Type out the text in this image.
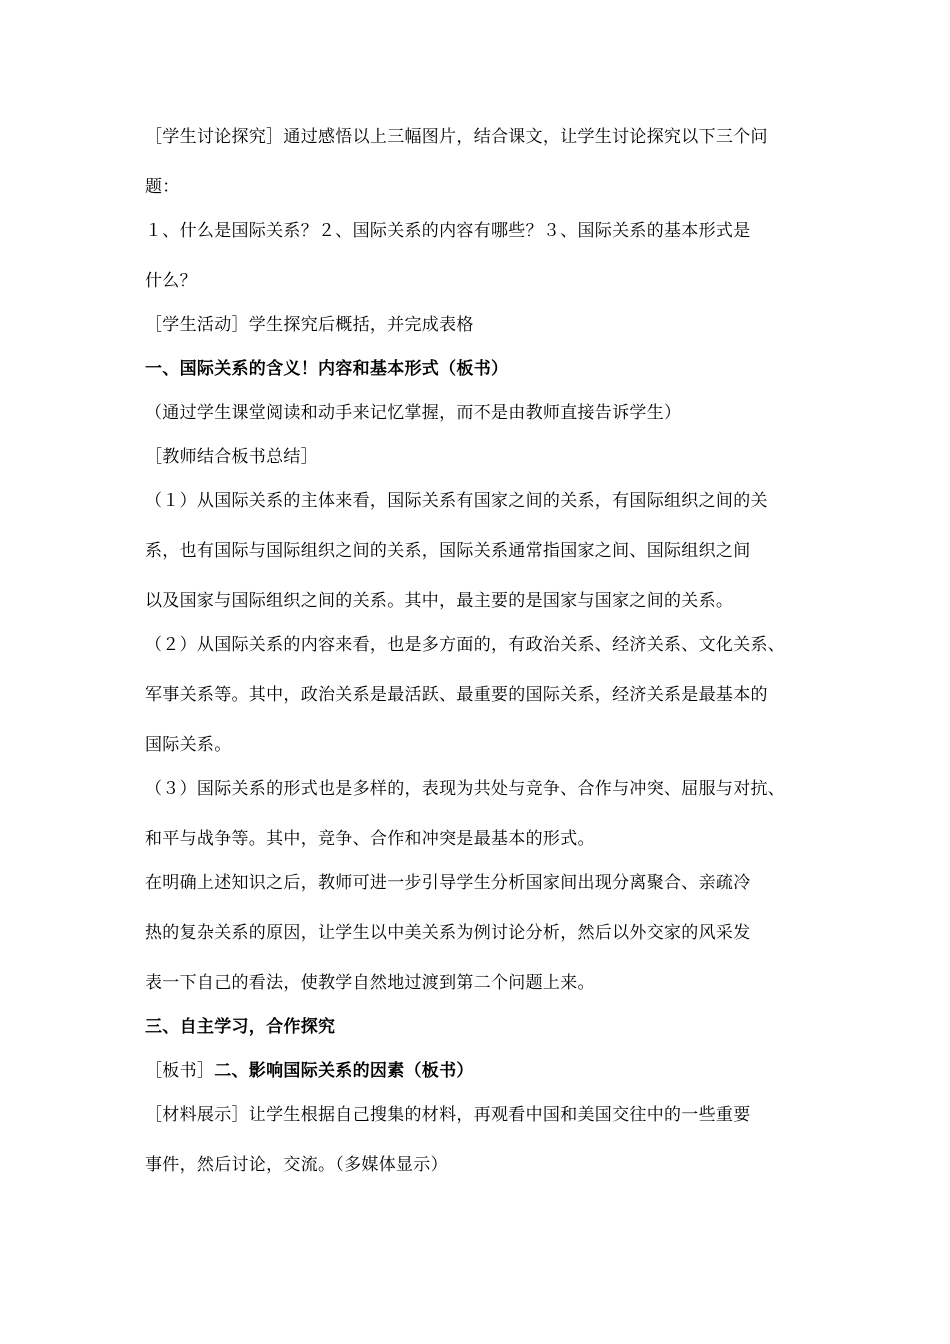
［学生讨论探究］通过感悟以上三幅图片，结合课文，让学生讨论探究以下三个问
题：
１、什么是国际关系？２、国际关系的内容有哪些？３、国际关系的基本形式是
什么？
［学生活动］学生探究后概括，并完成表格
一、国际关系的含义！内容和基本形式（板书）
（通过学生课堂阅读和动手来记忆掌握，而不是由教师直接告诉学生）
［教师结合板书总结］
（１）从国际关系的主体来看，国际关系有国家之间的关系，有国际组织之间的关
系，也有国际与国际组织之间的关系，国际关系通常指国家之间、国际组织之间
以及国家与国际组织之间的关系。其中，最主要的是国家与国家之间的关系。
（２）从国际关系的内容来看，也是多方面的，有政治关系、经济关系、文化关系、
军事关系等。其中，政治关系是最活跃、最重要的国际关系，经济关系是最基本的
国际关系。
（３）国际关系的形式也是多样的，表现为共处与竞争、合作与冲突、屈服与对抗、
和平与战争等。其中，竞争、合作和冲突是最基本的形式。
在明确上述知识之后，教师可进一步引导学生分析国家间出现分离聚合、亲疏冷
热的复杂关系的原因，让学生以中美关系为例讨论分析，然后以外交家的风采发
表一下自己的看法，使教学自然地过渡到第二个问题上来。
三、自主学习，合作探究
［板书］二、影响国际关系的因素（板书）
［材料展示］让学生根据自己搜集的材料，再观看中国和美国交往中的一些重要
事件，然后讨论，交流。（多媒体显示）
